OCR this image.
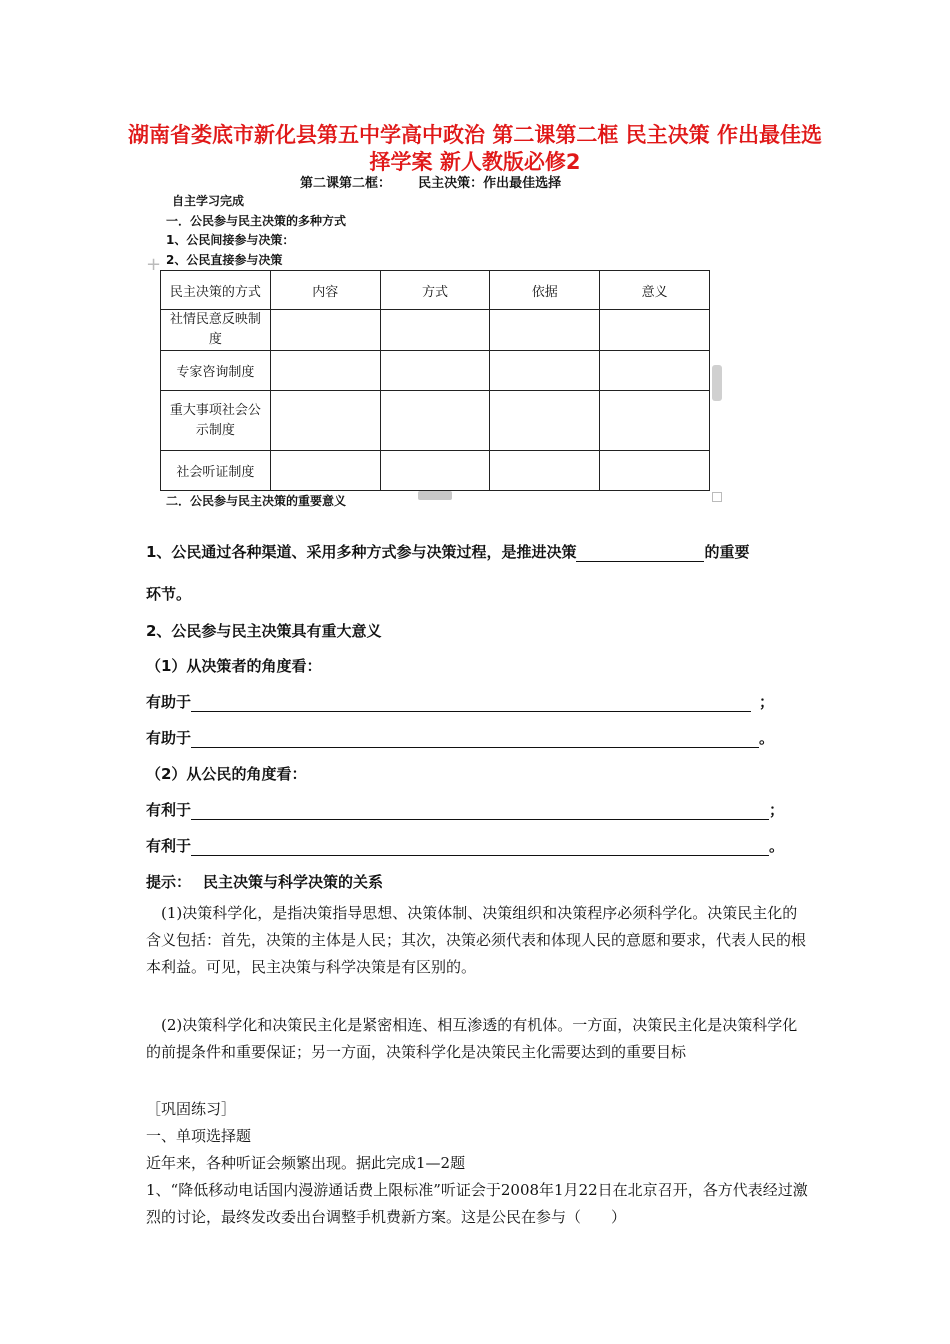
湖南省娄底市新化县第五中学高中政治 第二课第二框 民主决策 作出最佳选择学案 新人教版必修2
第二课第二框：      民主决策：作出最佳选择
自主学习完成
一．公民参与民主决策的多种方式
1、公民间接参与决策：
2、公民直接参与决策
+
民主决策的方式	内容	方式	依据	意义
社情民意反映制度				
专家咨询制度				
重大事项社会公示制度				
社会听证制度				
二．公民参与民主决策的重要意义
1、公民通过各种渠道、采用多种方式参与决策过程，是推进决策	的重要
环节。
2、公民参与民主决策具有重大意义
（1）从决策者的角度看：
有助于	；
有助于	。
（2）从公民的角度看：
有利于	；
有利于	。
提示： 民主决策与科学决策的关系
(1)决策科学化，是指决策指导思想、决策体制、决策组织和决策程序必须科学化。决策民主化的含义包括：首先，决策的主体是人民；其次，决策必须代表和体现人民的意愿和要求，代表人民的根本利益。可见，民主决策与科学决策是有区别的。
(2)决策科学化和决策民主化是紧密相连、相互渗透的有机体。一方面，决策民主化是决策科学化的前提条件和重要保证；另一方面，决策科学化是决策民主化需要达到的重要目标
［巩固练习］
一、单项选择题
近年来，各种听证会频繁出现。据此完成1—2题
1、“降低移动电话国内漫游通话费上限标准”听证会于2008年1月22日在北京召开，各方代表经过激烈的讨论，最终发改委出台调整手机费新方案。这是公民在参与（　　）
